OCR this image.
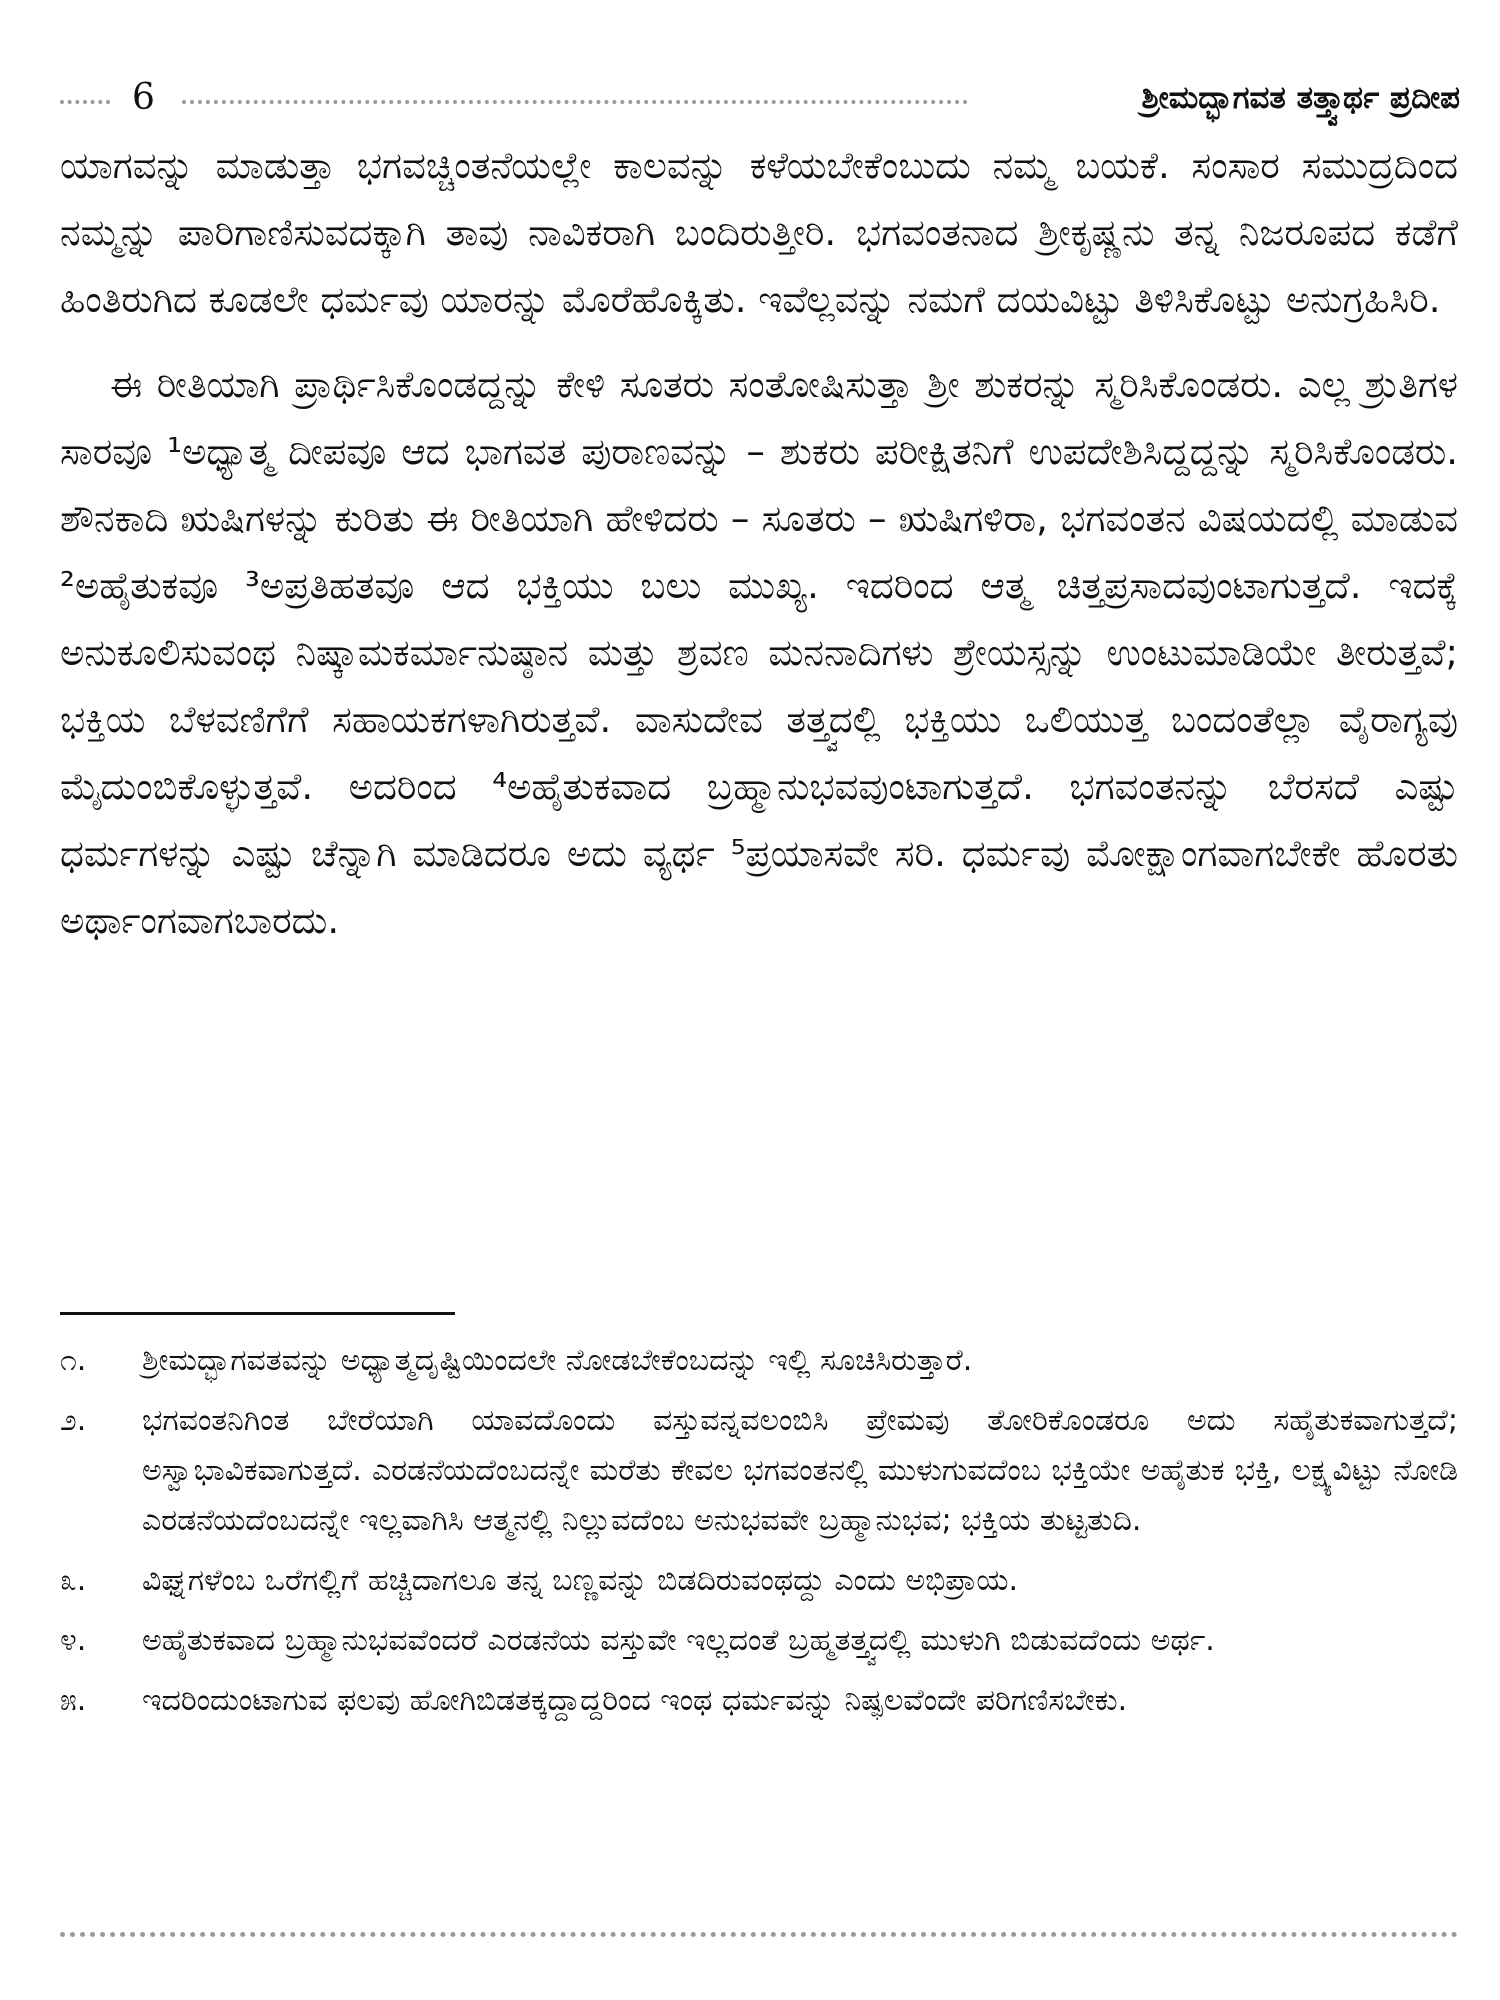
6	ಶ್ರೀಮದ್ಭಾಗವತ ತತ್ತ್ವಾರ್ಥ ಪ್ರದೀಪ

ಯಾಗವನ್ನು ಮಾಡುತ್ತಾ ಭಗವಚ್ಚಿಂತನೆಯಲ್ಲೇ ಕಾಲವನ್ನು ಕಳೆಯಬೇಕೆಂಬುದು ನಮ್ಮ ಬಯಕೆ. ಸಂಸಾರ ಸಮುದ್ರದಿಂದ ನಮ್ಮನ್ನು ಪಾರಿಗಾಣಿಸುವದಕ್ಕಾಗಿ ತಾವು ನಾವಿಕರಾಗಿ ಬಂದಿರುತ್ತೀರಿ. ಭಗವಂತನಾದ ಶ್ರೀಕೃಷ್ಣನು ತನ್ನ ನಿಜರೂಪದ ಕಡೆಗೆ ಹಿಂತಿರುಗಿದ ಕೂಡಲೇ ಧರ್ಮವು ಯಾರನ್ನು ಮೊರೆಹೊಕ್ಕಿತು. ಇವೆಲ್ಲವನ್ನು ನಮಗೆ ದಯವಿಟ್ಟು ತಿಳಿಸಿಕೊಟ್ಟು ಅನುಗ್ರಹಿಸಿರಿ.

ಈ ರೀತಿಯಾಗಿ ಪ್ರಾರ್ಥಿಸಿಕೊಂಡದ್ದನ್ನು ಕೇಳಿ ಸೂತರು ಸಂತೋಷಿಸುತ್ತಾ ಶ್ರೀ ಶುಕರನ್ನು ಸ್ಮರಿಸಿಕೊಂಡರು. ಎಲ್ಲ ಶ್ರುತಿಗಳ ಸಾರವೂ ¹ಅಧ್ಯಾತ್ಮ ದೀಪವೂ ಆದ ಭಾಗವತ ಪುರಾಣವನ್ನು – ಶುಕರು ಪರೀಕ್ಷಿತನಿಗೆ ಉಪದೇಶಿಸಿದ್ದದ್ದನ್ನು ಸ್ಮರಿಸಿಕೊಂಡರು. ಶೌನಕಾದಿ ಋಷಿಗಳನ್ನು ಕುರಿತು ಈ ರೀತಿಯಾಗಿ ಹೇಳಿದರು – ಸೂತರು – ಋಷಿಗಳಿರಾ, ಭಗವಂತನ ವಿಷಯದಲ್ಲಿ ಮಾಡುವ ²ಅಹೈತುಕವೂ ³ಅಪ್ರತಿಹತವೂ ಆದ ಭಕ್ತಿಯು ಬಲು ಮುಖ್ಯ. ಇದರಿಂದ ಆತ್ಮ ಚಿತ್ತಪ್ರಸಾದವುಂಟಾಗುತ್ತದೆ. ಇದಕ್ಕೆ ಅನುಕೂಲಿಸುವಂಥ ನಿಷ್ಕಾಮಕರ್ಮಾನುಷ್ಠಾನ ಮತ್ತು ಶ್ರವಣ ಮನನಾದಿಗಳು ಶ್ರೇಯಸ್ಸನ್ನು ಉಂಟುಮಾಡಿಯೇ ತೀರುತ್ತವೆ; ಭಕ್ತಿಯ ಬೆಳವಣಿಗೆಗೆ ಸಹಾಯಕಗಳಾಗಿರುತ್ತವೆ. ವಾಸುದೇವ ತತ್ತ್ವದಲ್ಲಿ ಭಕ್ತಿಯು ಒಲಿಯುತ್ತ ಬಂದಂತೆಲ್ಲಾ ವೈರಾಗ್ಯವು ಮೈದುಂಬಿಕೊಳ್ಳುತ್ತವೆ. ಅದರಿಂದ ⁴ಅಹೈತುಕವಾದ ಬ್ರಹ್ಮಾನುಭವವುಂಟಾಗುತ್ತದೆ. ಭಗವಂತನನ್ನು ಬೆರಸದೆ ಎಷ್ಟು ಧರ್ಮಗಳನ್ನು ಎಷ್ಟು ಚೆನ್ನಾಗಿ ಮಾಡಿದರೂ ಅದು ವ್ಯರ್ಥ ⁵ಪ್ರಯಾಸವೇ ಸರಿ. ಧರ್ಮವು ಮೋಕ್ಷಾಂಗವಾಗಬೇಕೇ ಹೊರತು ಅರ್ಥಾಂಗವಾಗಬಾರದು.

೧.	ಶ್ರೀಮದ್ಭಾಗವತವನ್ನು ಅಧ್ಯಾತ್ಮದೃಷ್ಟಿಯಿಂದಲೇ ನೋಡಬೇಕೆಂಬದನ್ನು ಇಲ್ಲಿ ಸೂಚಿಸಿರುತ್ತಾರೆ.
೨.	ಭಗವಂತನಿಗಿಂತ ಬೇರೆಯಾಗಿ ಯಾವದೊಂದು ವಸ್ತುವನ್ನವಲಂಬಿಸಿ ಪ್ರೇಮವು ತೋರಿಕೊಂಡರೂ ಅದು ಸಹೈತುಕವಾಗುತ್ತದೆ; ಅಸ್ವಾಭಾವಿಕವಾಗುತ್ತದೆ. ಎರಡನೆಯದೆಂಬದನ್ನೇ ಮರೆತು ಕೇವಲ ಭಗವಂತನಲ್ಲಿ ಮುಳುಗುವದೆಂಬ ಭಕ್ತಿಯೇ ಅಹೈತುಕ ಭಕ್ತಿ, ಲಕ್ಷ್ಯವಿಟ್ಟು ನೋಡಿ ಎರಡನೆಯದೆಂಬದನ್ನೇ ಇಲ್ಲವಾಗಿಸಿ ಆತ್ಮನಲ್ಲಿ ನಿಲ್ಲುವದೆಂಬ ಅನುಭವವೇ ಬ್ರಹ್ಮಾನುಭವ; ಭಕ್ತಿಯ ತುಟ್ಟತುದಿ.
೩.	ವಿಘ್ನಗಳೆಂಬ ಒರೆಗಲ್ಲಿಗೆ ಹಚ್ಚಿದಾಗಲೂ ತನ್ನ ಬಣ್ಣವನ್ನು ಬಿಡದಿರುವಂಥದ್ದು ಎಂದು ಅಭಿಪ್ರಾಯ.
೪.	ಅಹೈತುಕವಾದ ಬ್ರಹ್ಮಾನುಭವವೆಂದರೆ ಎರಡನೆಯ ವಸ್ತುವೇ ಇಲ್ಲದಂತೆ ಬ್ರಹ್ಮತತ್ತ್ವದಲ್ಲಿ ಮುಳುಗಿ ಬಿಡುವದೆಂದು ಅರ್ಥ.
೫.	ಇದರಿಂದುಂಟಾಗುವ ಫಲವು ಹೋಗಿಬಿಡತಕ್ಕದ್ದಾದ್ದರಿಂದ ಇಂಥ ಧರ್ಮವನ್ನು ನಿಷ್ಫಲವೆಂದೇ ಪರಿಗಣಿಸಬೇಕು.
